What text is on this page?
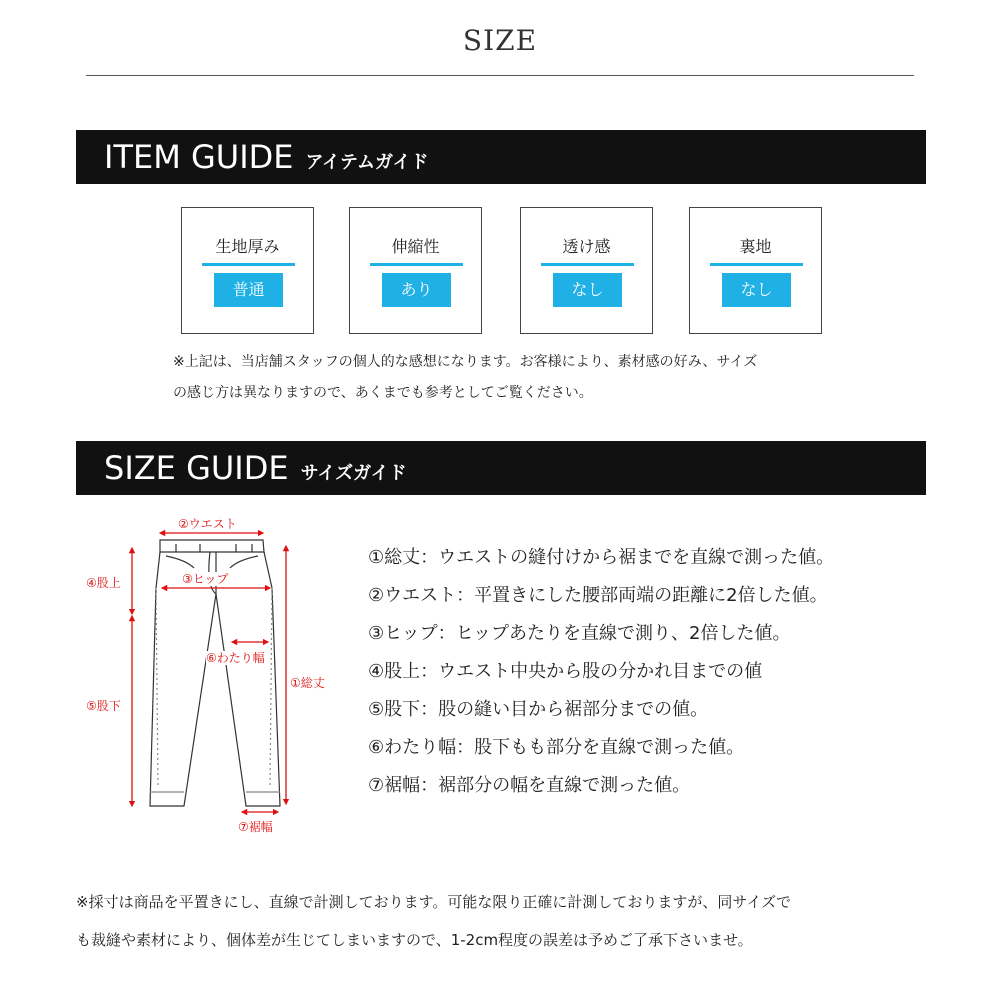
SIZE
ITEM GUIDE アイテムガイド
生地厚み
普通
伸縮性
あり
透け感
なし
裏地
なし
※上記は、当店舗スタッフの個人的な感想になります。お客様により、素材感の好み、サイズ
の感じ方は異なりますので、あくまでも参考としてご覧ください。
SIZE GUIDE サイズガイド
②ウエスト
③ヒップ
④股上
⑤股下
⑥わたり幅
①総丈
⑦裾幅
①総丈：ウエストの縫付けから裾までを直線で測った値。
②ウエスト：平置きにした腰部両端の距離に2倍した値。
③ヒップ：ヒップあたりを直線で測り、2倍した値。
④股上：ウエスト中央から股の分かれ目までの値
⑤股下：股の縫い目から裾部分までの値。
⑥わたり幅：股下もも部分を直線で測った値。
⑦裾幅：裾部分の幅を直線で測った値。
※採寸は商品を平置きにし、直線で計測しております。可能な限り正確に計測しておりますが、同サイズで
も裁縫や素材により、個体差が生じてしまいますので、1-2cm程度の誤差は予めご了承下さいませ。
